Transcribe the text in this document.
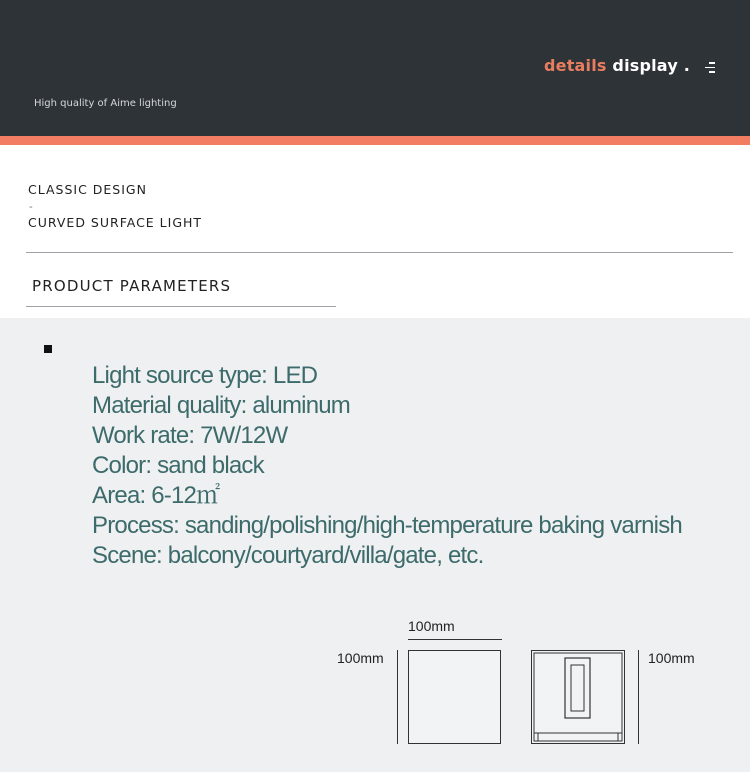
details display .
High quality of Aime lighting
CLASSIC DESIGN
-
CURVED SURFACE LIGHT
PRODUCT PARAMETERS
Light source type: LED
Material quality: aluminum
Work rate: 7W/12W
Color: sand black
Area: 6-12㎡
Process: sanding/polishing/high-temperature baking varnish
Scene: balcony/courtyard/villa/gate, etc.
100mm
100mm	100mm
